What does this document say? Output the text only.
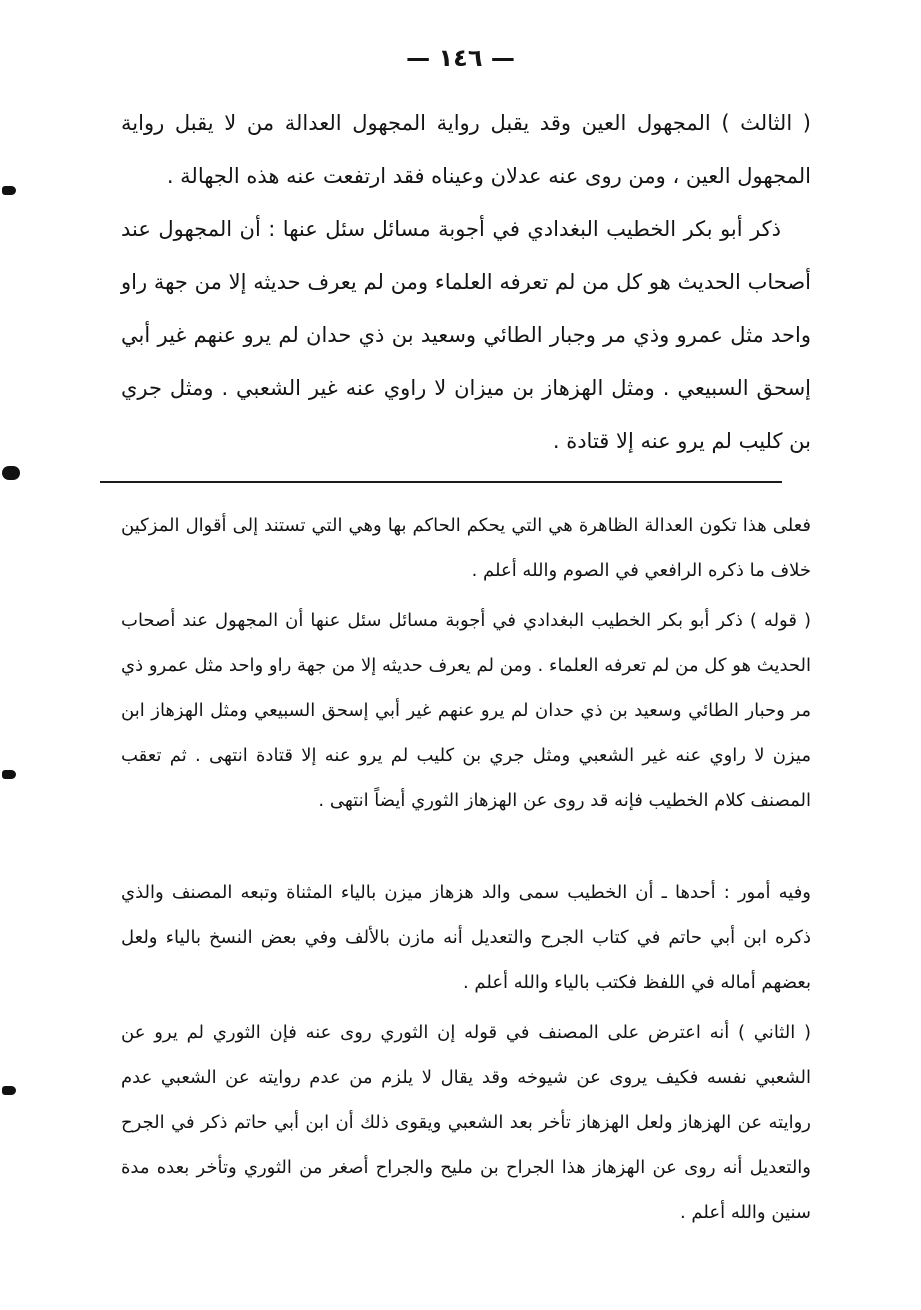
— ١٤٦ —

( الثالث ) المجهول العين وقد يقبل رواية المجهول العدالة من لا يقبل رواية المجهول العين ، ومن روى عنه عدلان وعيناه فقد ارتفعت عنه هذه الجهالة .

ذكر أبو بكر الخطيب البغدادي في أجوبة مسائل سئل عنها : أن المجهول عند أصحاب الحديث هو كل من لم تعرفه العلماء ومن لم يعرف حديثه إلا من جهة راو واحد مثل عمرو وذي مر وجبار الطائي وسعيد بن ذي حدان لم يرو عنهم غير أبي إسحق السبيعي . ومثل الهزهاز بن ميزان لا راوي عنه غير الشعبي . ومثل جري بن كليب لم يرو عنه إلا قتادة .

فعلى هذا تكون العدالة الظاهرة هي التي يحكم الحاكم بها وهي التي تستند إلى أقوال المزكين خلاف ما ذكره الرافعي في الصوم والله أعلم .
( قوله ) ذكر أبو بكر الخطيب البغدادي في أجوبة مسائل سئل عنها أن المجهول عند أصحاب الحديث هو كل من لم تعرفه العلماء . ومن لم يعرف حديثه إلا من جهة راو واحد مثل عمرو ذي مر وحبار الطائي وسعيد بن ذي حدان لم يرو عنهم غير أبي إسحق السبيعي ومثل الهزهاز ابن ميزن لا راوي عنه غير الشعبي ومثل جري بن كليب لم يرو عنه إلا قتادة انتهى . ثم تعقب المصنف كلام الخطيب فإنه قد روى عن الهزهاز الثوري أيضاً انتهى .
وفيه أمور : أحدها ـ أن الخطيب سمى والد هزهاز ميزن بالياء المثناة وتبعه المصنف والذي ذكره ابن أبي حاتم في كتاب الجرح والتعديل أنه مازن بالألف وفي بعض النسخ بالياء ولعل بعضهم أماله في اللفظ فكتب بالياء والله أعلم .
( الثاني ) أنه اعترض على المصنف في قوله إن الثوري روى عنه فإن الثوري لم يرو عن الشعبي نفسه فكيف يروى عن شيوخه وقد يقال لا يلزم من عدم روايته عن الشعبي عدم روايته عن الهزهاز ولعل الهزهاز تأخر بعد الشعبي ويقوى ذلك أن ابن أبي حاتم ذكر في الجرح والتعديل أنه روى عن الهزهاز هذا الجراح بن مليح والجراح أصغر من الثوري وتأخر بعده مدة سنين والله أعلم .
